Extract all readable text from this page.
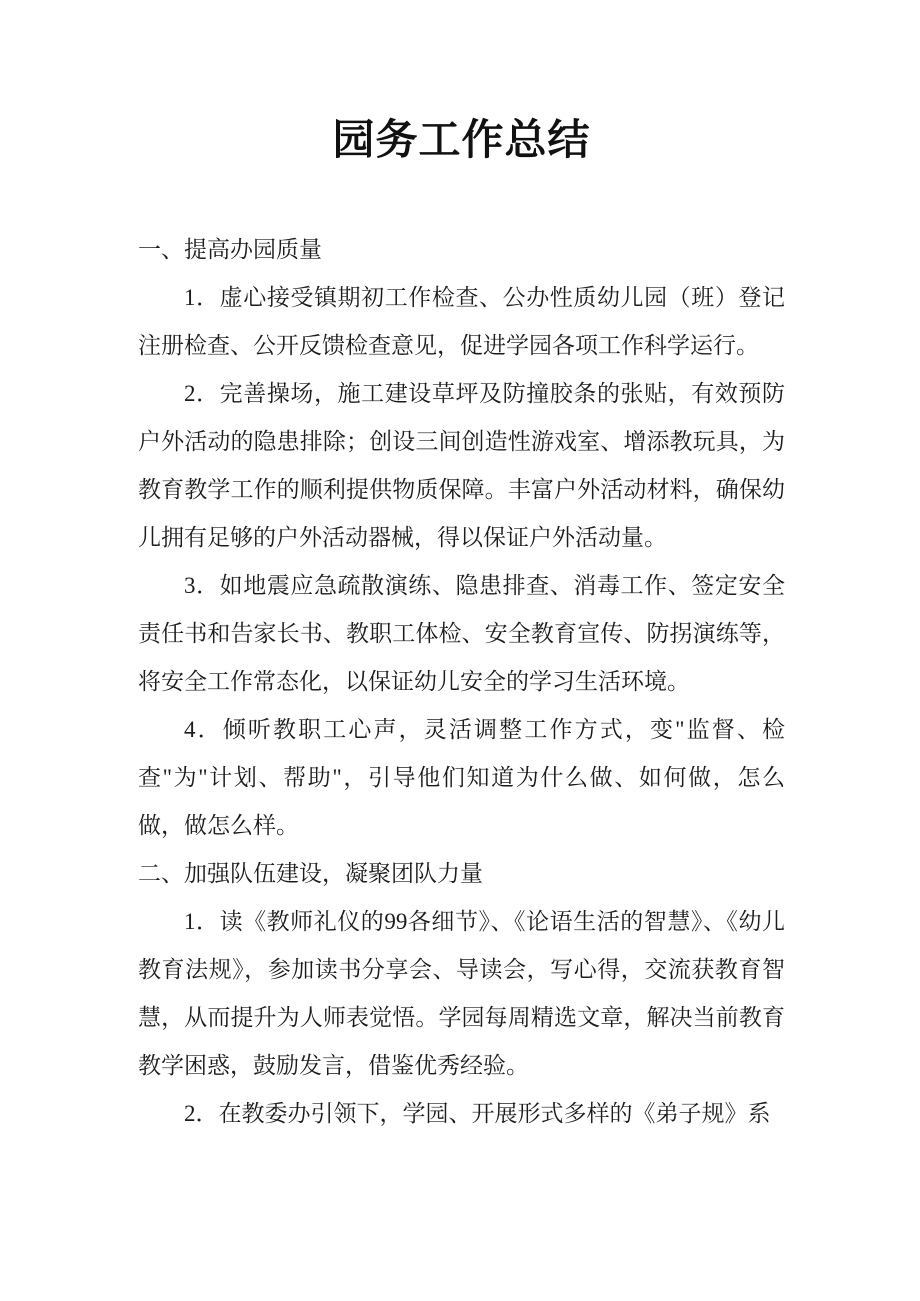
园务工作总结

一、提高办园质量

1．虚心接受镇期初工作检查、公办性质幼儿园（班）登记注册检查、公开反馈检查意见，促进学园各项工作科学运行。

2．完善操场，施工建设草坪及防撞胶条的张贴，有效预防户外活动的隐患排除；创设三间创造性游戏室、增添教玩具，为教育教学工作的顺利提供物质保障。丰富户外活动材料，确保幼儿拥有足够的户外活动器械，得以保证户外活动量。

3．如地震应急疏散演练、隐患排查、消毒工作、签定安全责任书和告家长书、教职工体检、安全教育宣传、防拐演练等，将安全工作常态化，以保证幼儿安全的学习生活环境。

4．倾听教职工心声，灵活调整工作方式，变"监督、检查"为"计划、帮助"，引导他们知道为什么做、如何做，怎么做，做怎么样。

二、加强队伍建设，凝聚团队力量

1．读《教师礼仪的99各细节》、《论语生活的智慧》、《幼儿教育法规》，参加读书分享会、导读会，写心得，交流获教育智慧，从而提升为人师表觉悟。学园每周精选文章，解决当前教育教学困惑，鼓励发言，借鉴优秀经验。

2．在教委办引领下，学园、开展形式多样的《弟子规》系
